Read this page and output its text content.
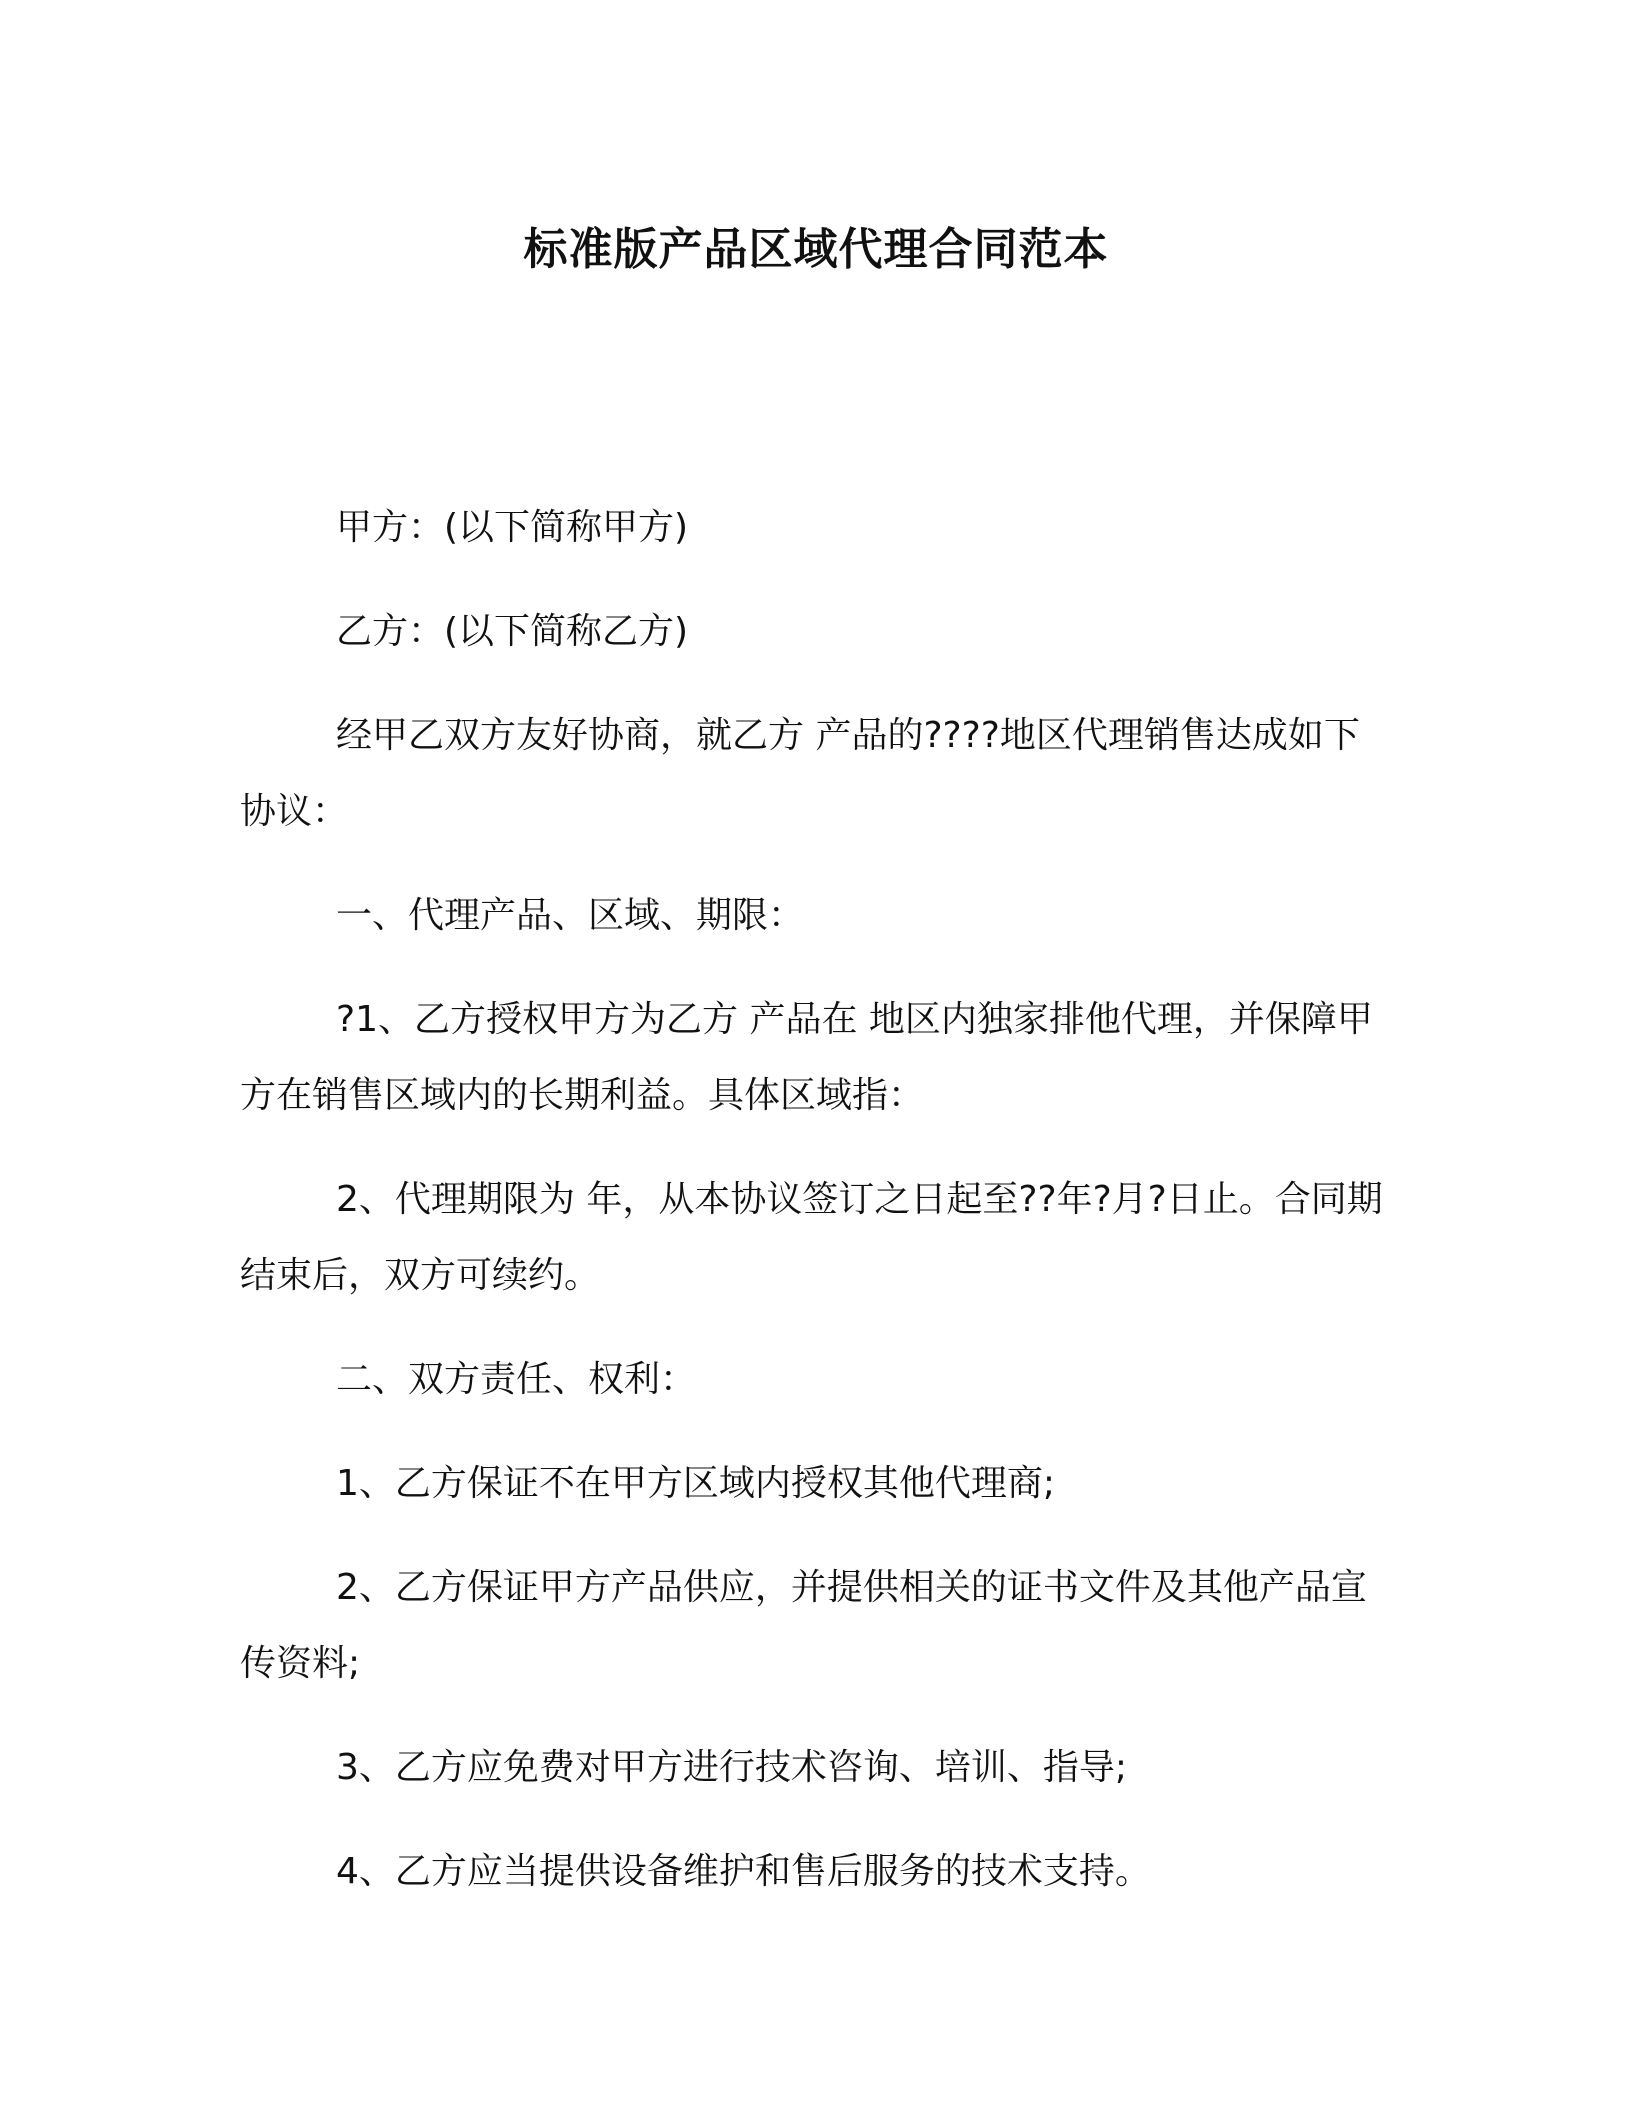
标准版产品区域代理合同范本

甲方：(以下简称甲方)

乙方：(以下简称乙方)

经甲乙双方友好协商，就乙方 产品的????地区代理销售达成如下协议：

一、代理产品、区域、期限：

?1、乙方授权甲方为乙方 产品在 地区内独家排他代理，并保障甲方在销售区域内的长期利益。具体区域指：

2、代理期限为 年，从本协议签订之日起至??年?月?日止。合同期结束后，双方可续约。

二、双方责任、权利：

1、乙方保证不在甲方区域内授权其他代理商;

2、乙方保证甲方产品供应，并提供相关的证书文件及其他产品宣传资料;

3、乙方应免费对甲方进行技术咨询、培训、指导;

4、乙方应当提供设备维护和售后服务的技术支持。
